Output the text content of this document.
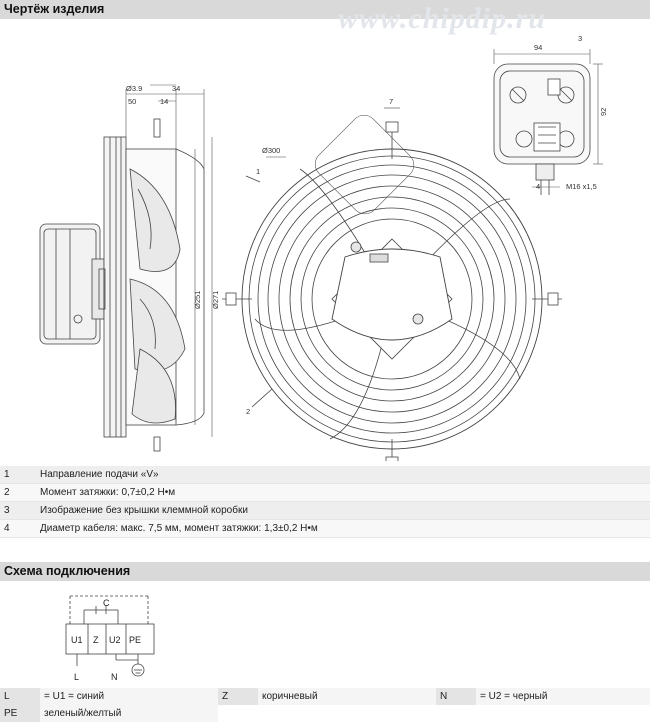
Чертёж изделия	www.chipdip.ru
Ø3.9	34
50	14
Ø251 Ø271
7
Ø300
1
2
94
3
92
4	M16 x1,5
1	Направление подачи «V»
2	Момент затяжки: 0,7±0,2 Н•м
3	Изображение без крышки клеммной коробки
4	Диаметр кабеля: макс. 7,5 мм, момент затяжки: 1,3±0,2 Н•м
Схема подключения
C
U1 Z U2 PE
L	N
L	= U1 = синий	Z	коричневый	N	= U2 = черный
PE	зеленый/желтый
